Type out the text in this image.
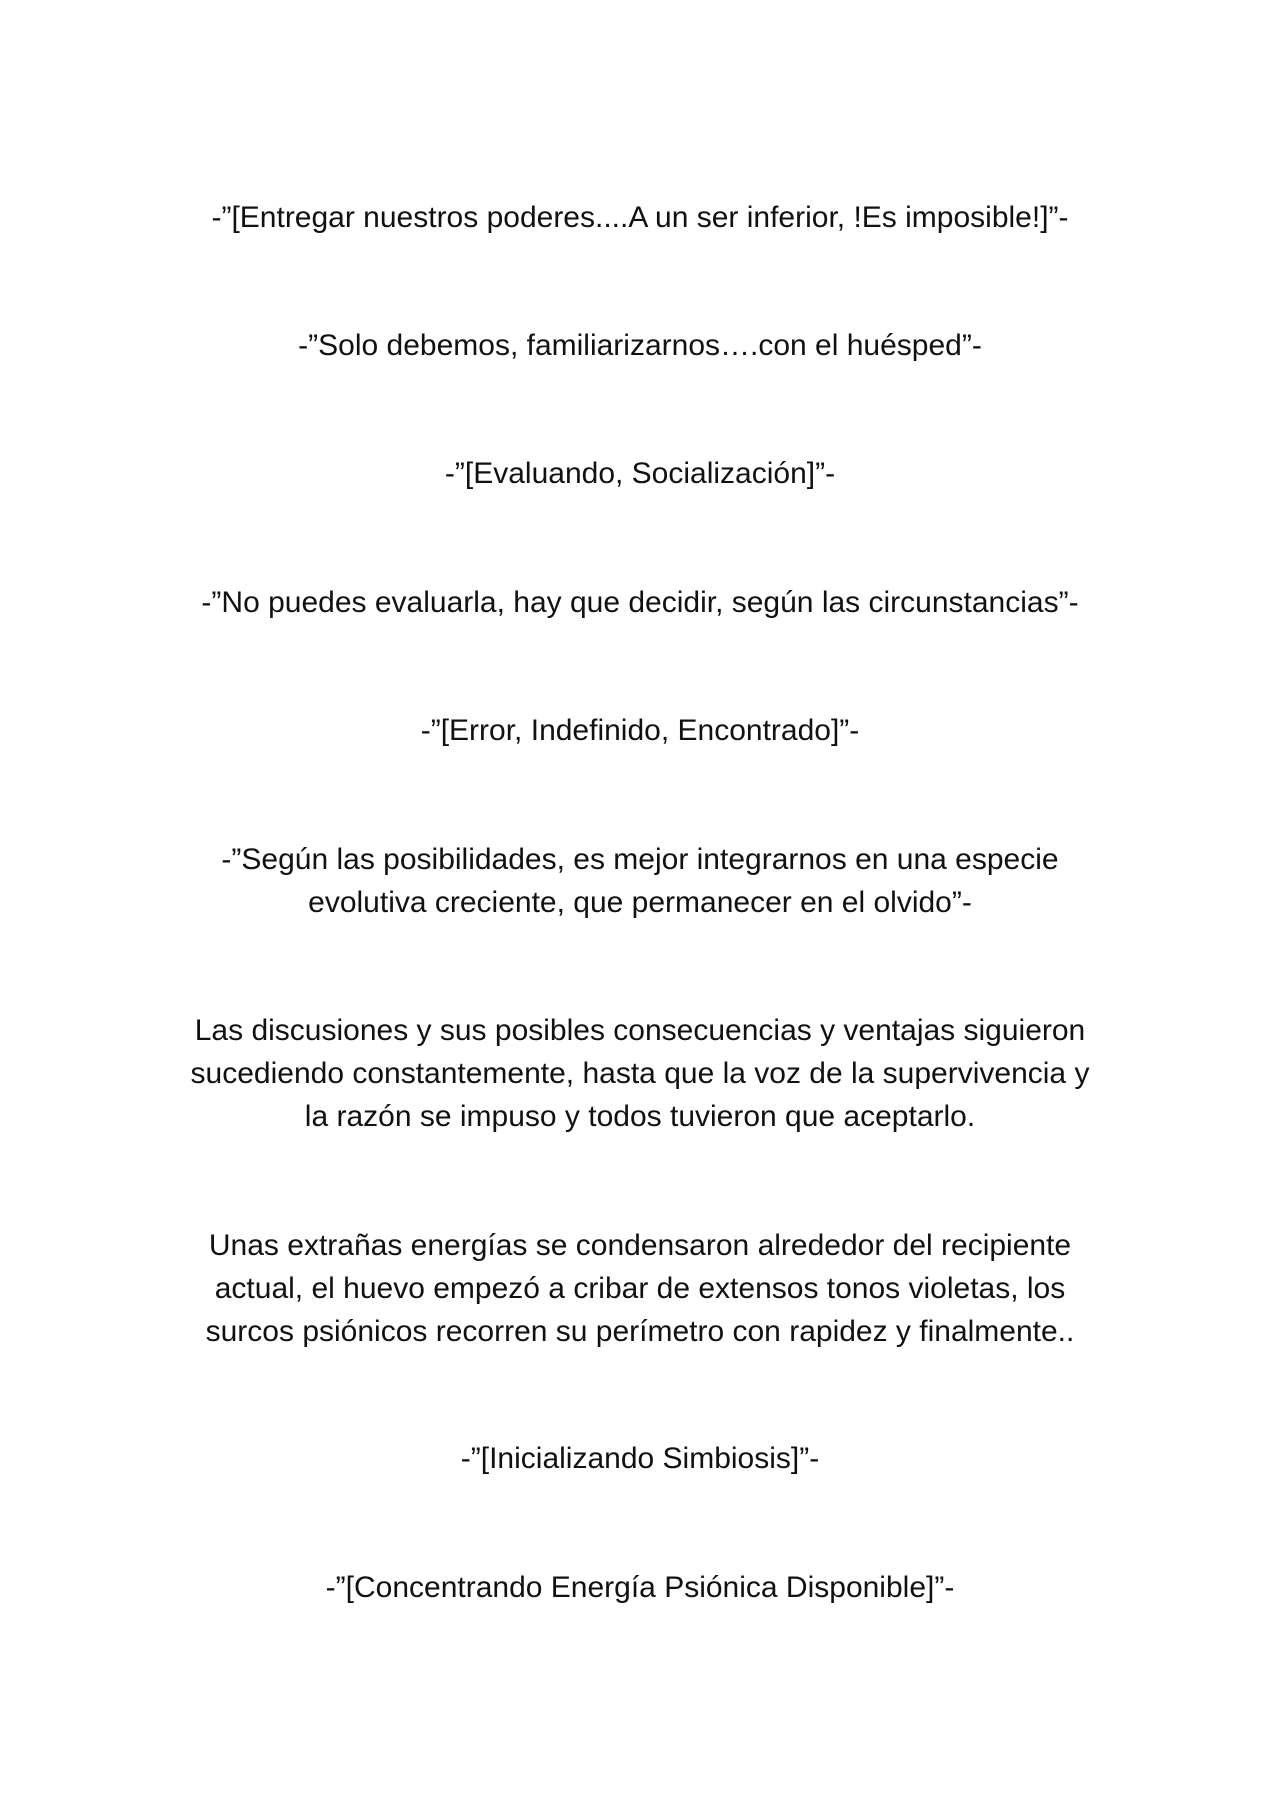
-”[Entregar nuestros poderes....A un ser inferior, !Es imposible!]”-

-”Solo debemos, familiarizarnos….con el huésped”-

-”[Evaluando, Socialización]”-

-”No puedes evaluarla, hay que decidir, según las circunstancias”-

-”[Error, Indefinido, Encontrado]”-

-”Según las posibilidades, es mejor integrarnos en una especie
evolutiva creciente, que permanecer en el olvido”-

Las discusiones y sus posibles consecuencias y ventajas siguieron
sucediendo constantemente, hasta que la voz de la supervivencia y
la razón se impuso y todos tuvieron que aceptarlo.

Unas extrañas energías se condensaron alrededor del recipiente
actual, el huevo empezó a cribar de extensos tonos violetas, los
surcos psiónicos recorren su perímetro con rapidez y finalmente..

-”[Inicializando Simbiosis]”-

-”[Concentrando Energía Psiónica Disponible]”-
